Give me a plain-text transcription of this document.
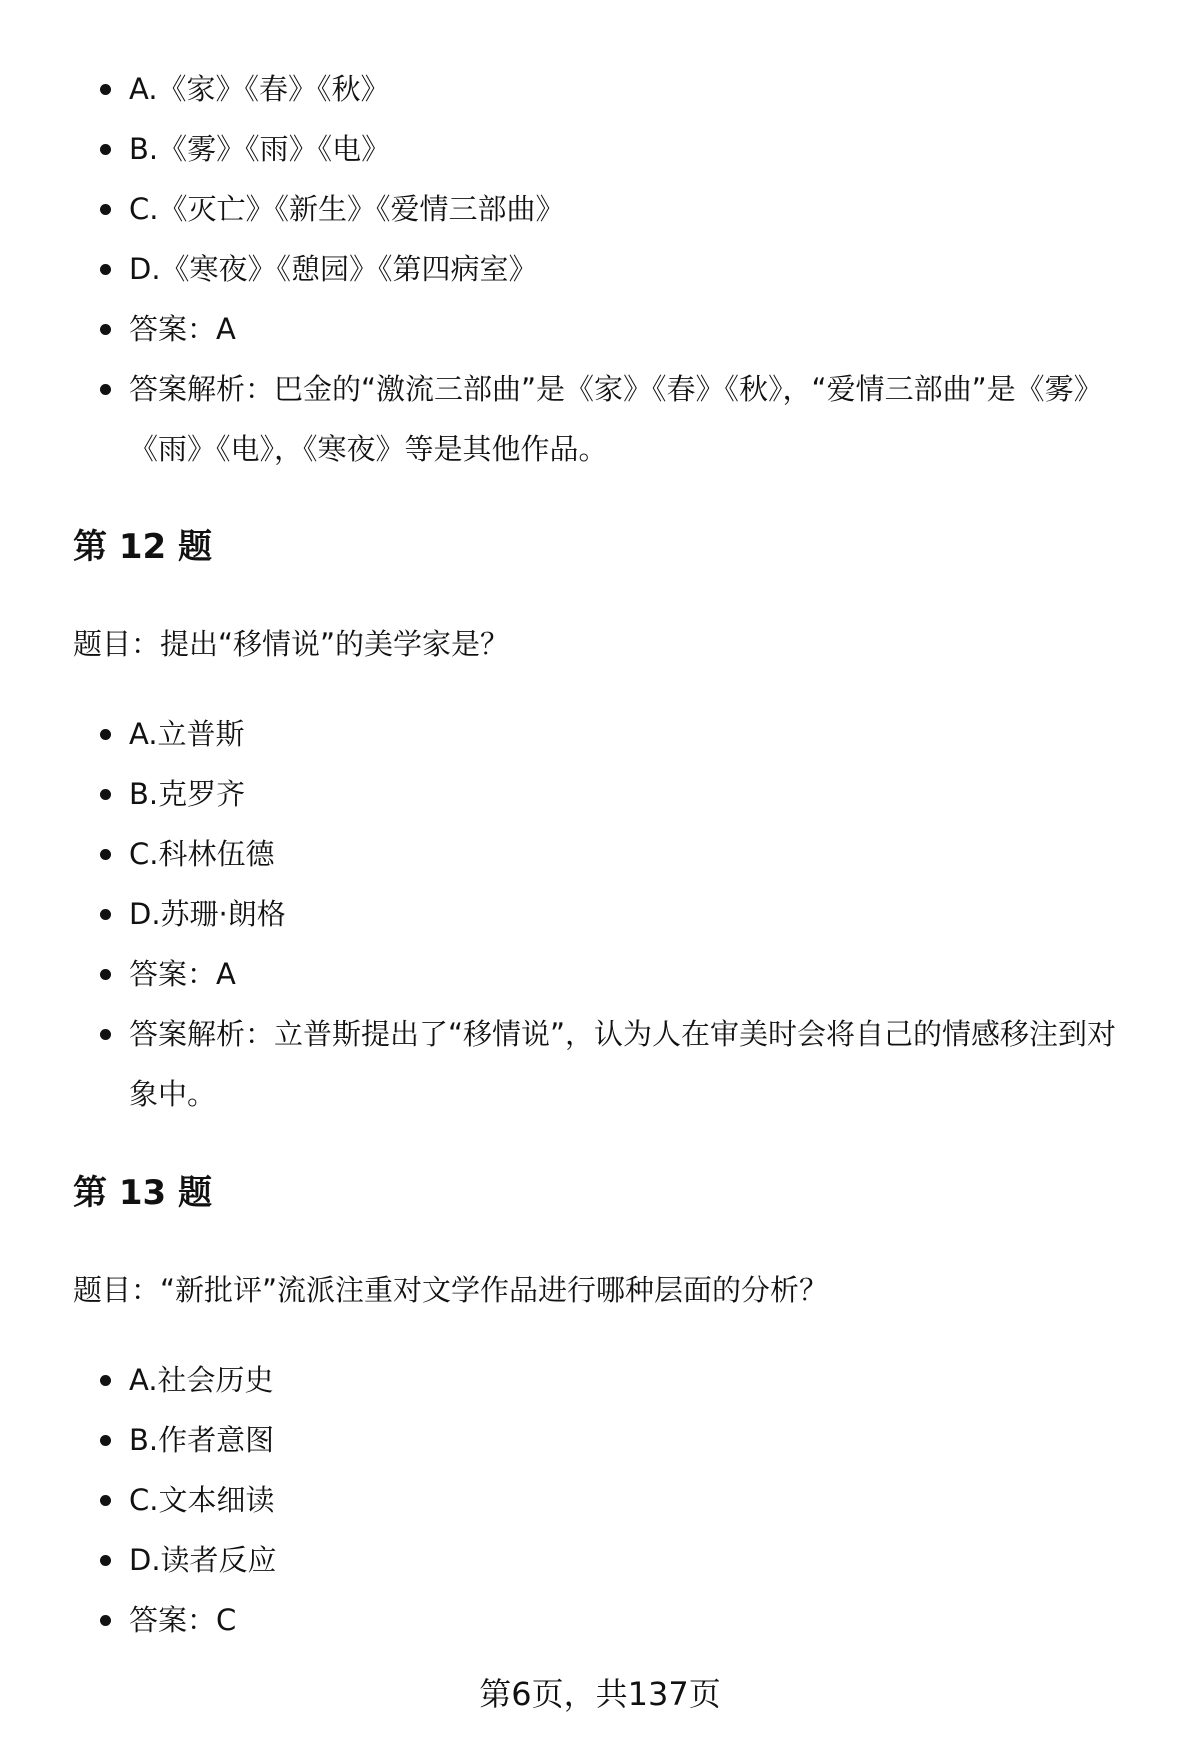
A.《家》《春》《秋》
B.《雾》《雨》《电》
C.《灭亡》《新生》《爱情三部曲》
D.《寒夜》《憩园》《第四病室》
答案：A
答案解析：巴金的“激流三部曲”是《家》《春》《秋》，“爱情三部曲”是《雾》《雨》《电》，《寒夜》等是其他作品。
第 12 题
题目：提出“移情说”的美学家是？
A.立普斯
B.克罗齐
C.科林伍德
D.苏珊·朗格
答案：A
答案解析：立普斯提出了“移情说”，认为人在审美时会将自己的情感移注到对象中。
第 13 题
题目：“新批评”流派注重对文学作品进行哪种层面的分析？
A.社会历史
B.作者意图
C.文本细读
D.读者反应
答案：C
第6页，共137页
